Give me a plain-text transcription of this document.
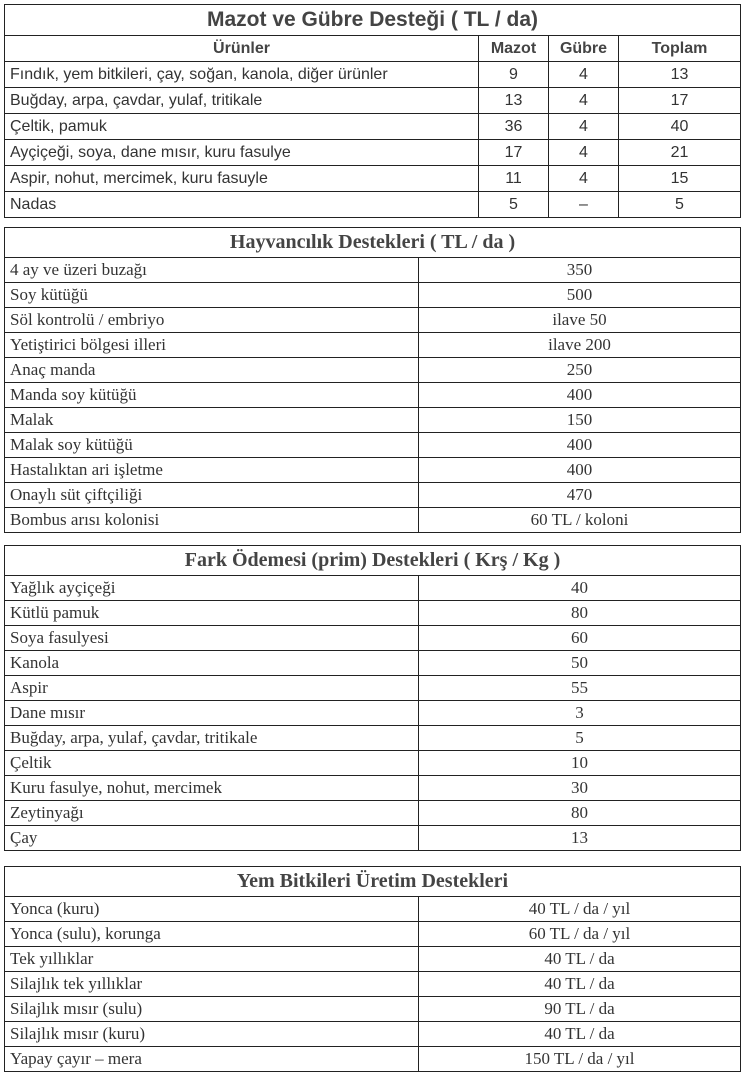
Mazot ve Gübre Desteği ( TL / da)			
Ürünler	Mazot	Gübre	Toplam
Fındık, yem bitkileri, çay, soğan, kanola, diğer ürünler	9	4	13
Buğday, arpa, çavdar, yulaf, tritikale	13	4	17
Çeltik, pamuk	36	4	40
Ayçiçeği, soya, dane mısır, kuru fasulye	17	4	21
Aspir, nohut, mercimek, kuru fasuyle	11	4	15
Nadas	5	–	5
Hayvancılık Destekleri ( TL / da )	
4 ay ve üzeri buzağı	350
Soy kütüğü	500
Söl kontrolü / embriyo	ilave 50
Yetiştirici bölgesi illeri	ilave 200
Anaç manda	250
Manda soy kütüğü	400
Malak	150
Malak soy kütüğü	400
Hastalıktan ari işletme	400
Onaylı süt çiftçiliği	470
Bombus arısı kolonisi	60 TL / koloni
Fark Ödemesi (prim) Destekleri ( Krş / Kg )	
Yağlık ayçiçeği	40
Kütlü pamuk	80
Soya fasulyesi	60
Kanola	50
Aspir	55
Dane mısır	3
Buğday, arpa, yulaf, çavdar, tritikale	5
Çeltik	10
Kuru fasulye, nohut, mercimek	30
Zeytinyağı	80
Çay	13
Yem Bitkileri Üretim Destekleri	
Yonca (kuru)	40 TL / da / yıl
Yonca (sulu), korunga	60 TL / da / yıl
Tek yıllıklar	40 TL / da
Silajlık tek yıllıklar	40 TL / da
Silajlık mısır (sulu)	90 TL / da
Silajlık mısır (kuru)	40 TL / da
Yapay çayır – mera	150 TL / da / yıl
